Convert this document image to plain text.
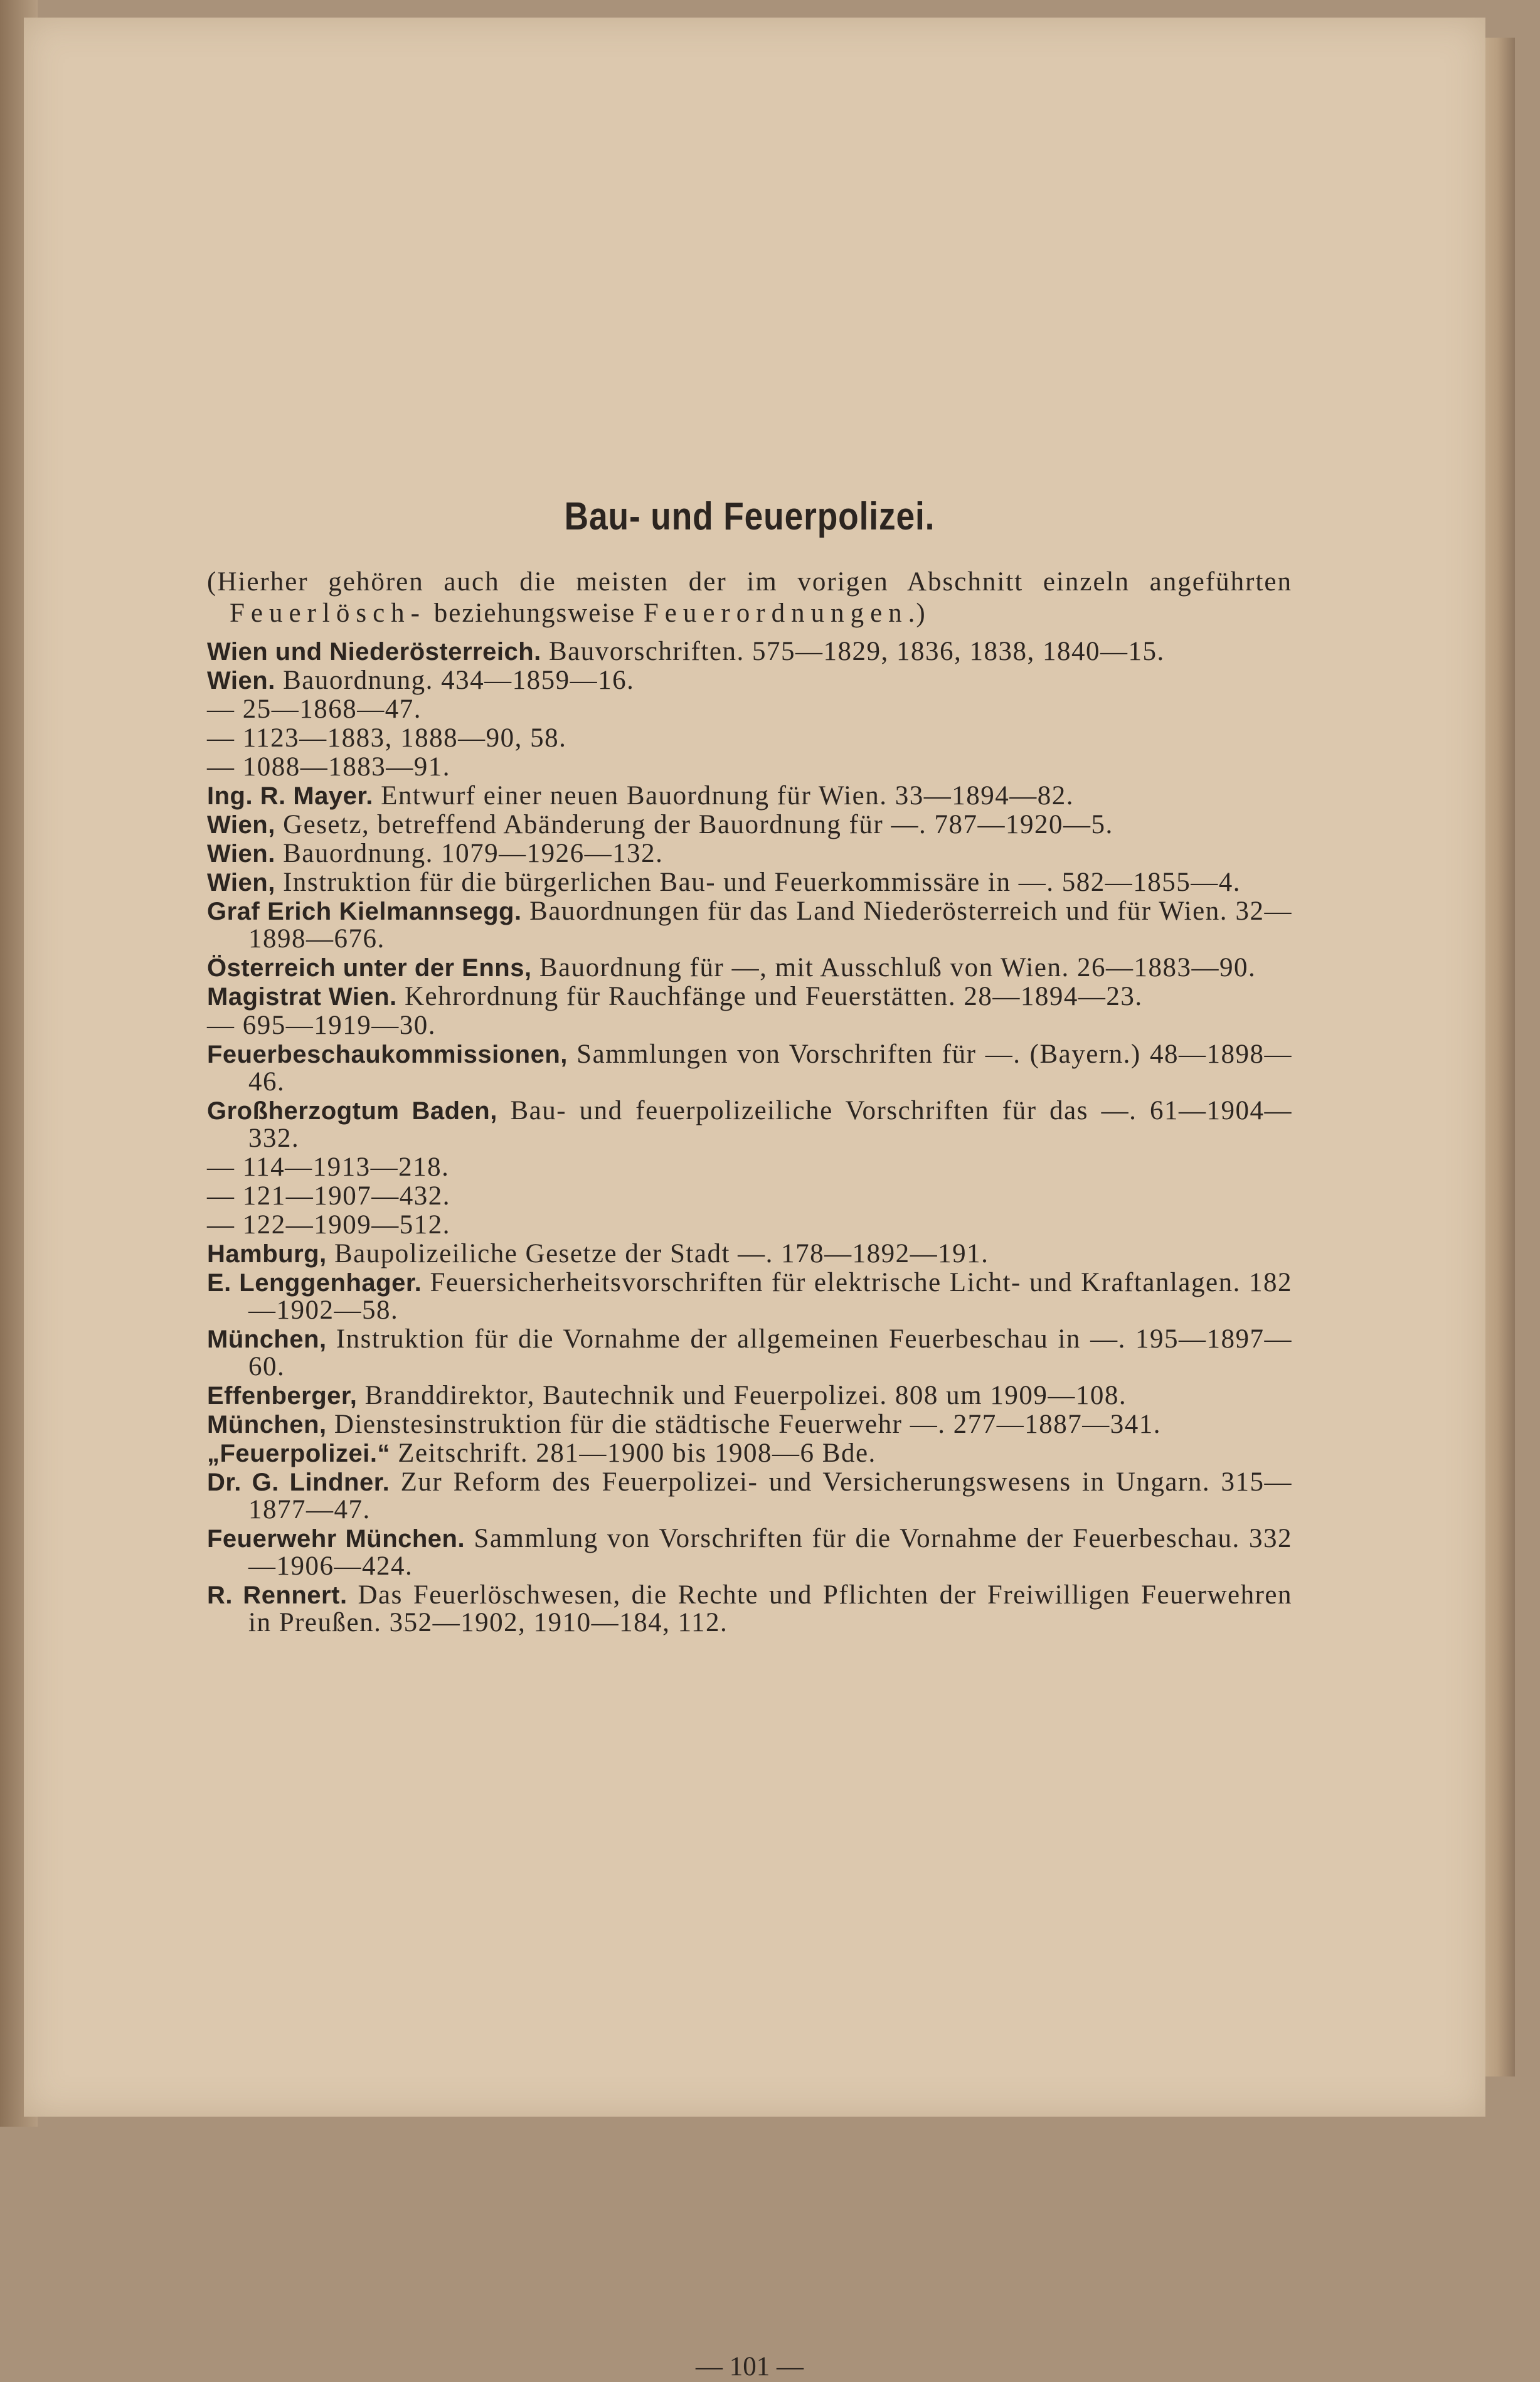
Bau- und Feuerpolizei.

(Hierher gehören auch die meisten der im vorigen Abschnitt einzeln angeführten Feuerlösch- beziehungsweise Feuerordnungen.)

Wien und Niederösterreich. Bauvorschriften. 575—1829, 1836, 1838, 1840—15.

Wien. Bauordnung. 434—1859—16.

— 25—1868—47.

— 1123—1883, 1888—90, 58.

— 1088—1883—91.

Ing. R. Mayer. Entwurf einer neuen Bauordnung für Wien. 33—1894—82.

Wien, Gesetz, betreffend Abänderung der Bauordnung für —. 787—1920—5.

Wien. Bauordnung. 1079—1926—132.

Wien, Instruktion für die bürgerlichen Bau- und Feuerkommissäre in —. 582—1855—4.

Graf Erich Kielmannsegg. Bauordnungen für das Land Niederösterreich und für Wien. 32—1898—676.

Österreich unter der Enns, Bauordnung für —, mit Ausschluß von Wien. 26—1883—90.

Magistrat Wien. Kehrordnung für Rauchfänge und Feuerstätten. 28—1894—23.

— 695—1919—30.

Feuerbeschaukommissionen, Sammlungen von Vorschriften für —. (Bayern.) 48—1898—46.

Großherzogtum Baden, Bau- und feuerpolizeiliche Vorschriften für das —. 61—1904—332.

— 114—1913—218.

— 121—1907—432.

— 122—1909—512.

Hamburg, Baupolizeiliche Gesetze der Stadt —. 178—1892—191.

E. Lenggenhager. Feuersicherheitsvorschriften für elektrische Licht- und Kraftanlagen. 182—1902—58.

München, Instruktion für die Vornahme der allgemeinen Feuerbeschau in —. 195—1897—60.

Effenberger, Branddirektor, Bautechnik und Feuerpolizei. 808 um 1909—108.

München, Dienstesinstruktion für die städtische Feuerwehr —. 277—1887—341.

„Feuerpolizei.“ Zeitschrift. 281—1900 bis 1908—6 Bde.

Dr. G. Lindner. Zur Reform des Feuerpolizei- und Versicherungswesens in Ungarn. 315—1877—47.

Feuerwehr München. Sammlung von Vorschriften für die Vornahme der Feuerbeschau. 332—1906—424.

R. Rennert. Das Feuerlöschwesen, die Rechte und Pflichten der Freiwilligen Feuerwehren in Preußen. 352—1902, 1910—184, 112.

— 101 —
